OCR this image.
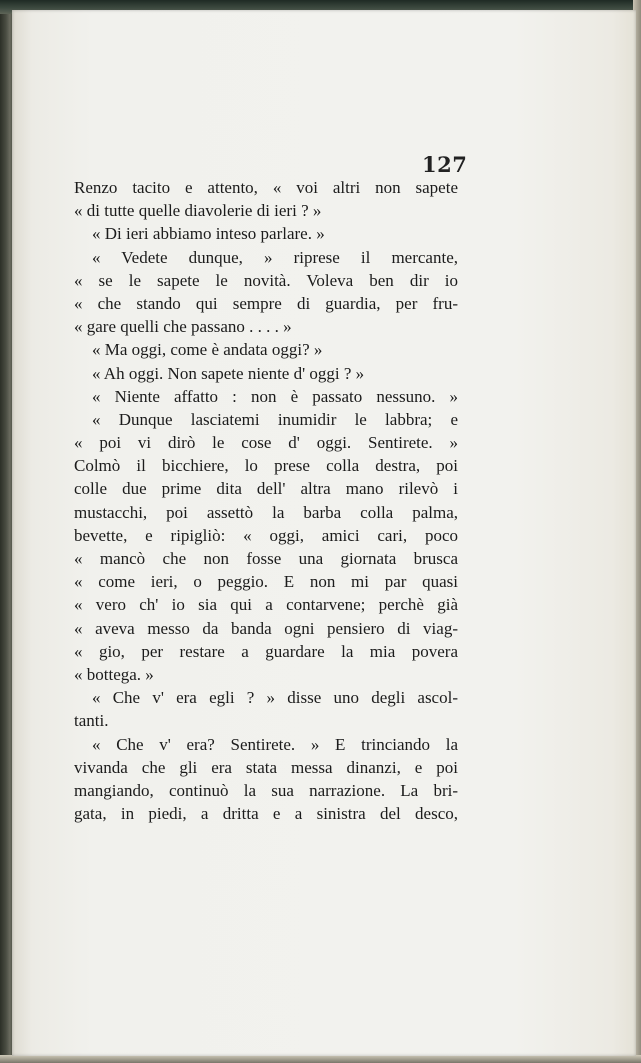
127
Renzo tacito e attento, « voi altri non sapete
« di tutte quelle diavolerie di ieri ? »
« Di ieri abbiamo inteso parlare. »
« Vedete dunque, » riprese il mercante,
« se le sapete le novità. Voleva ben dir io
« che stando qui sempre di guardia, per fru-
« gare quelli che passano . . . . »
« Ma oggi, come è andata oggi? »
« Ah oggi. Non sapete niente d' oggi ? »
« Niente affatto : non è passato nessuno. »
« Dunque lasciatemi inumidir le labbra; e
« poi vi dirò le cose d' oggi. Sentirete. »
Colmò il bicchiere, lo prese colla destra, poi
colle due prime dita dell' altra mano rilevò i
mustacchi, poi assettò la barba colla palma,
bevette, e ripigliò: « oggi, amici cari, poco
« mancò che non fosse una giornata brusca
« come ieri, o peggio. E non mi par quasi
« vero ch' io sia qui a contarvene; perchè già
« aveva messo da banda ogni pensiero di viag-
« gio, per restare a guardare la mia povera
« bottega. »
« Che v' era egli ? » disse uno degli ascol-
tanti.
« Che v' era? Sentirete. » E trinciando la
vivanda che gli era stata messa dinanzi, e poi
mangiando, continuò la sua narrazione. La bri-
gata, in piedi, a dritta e a sinistra del desco,
